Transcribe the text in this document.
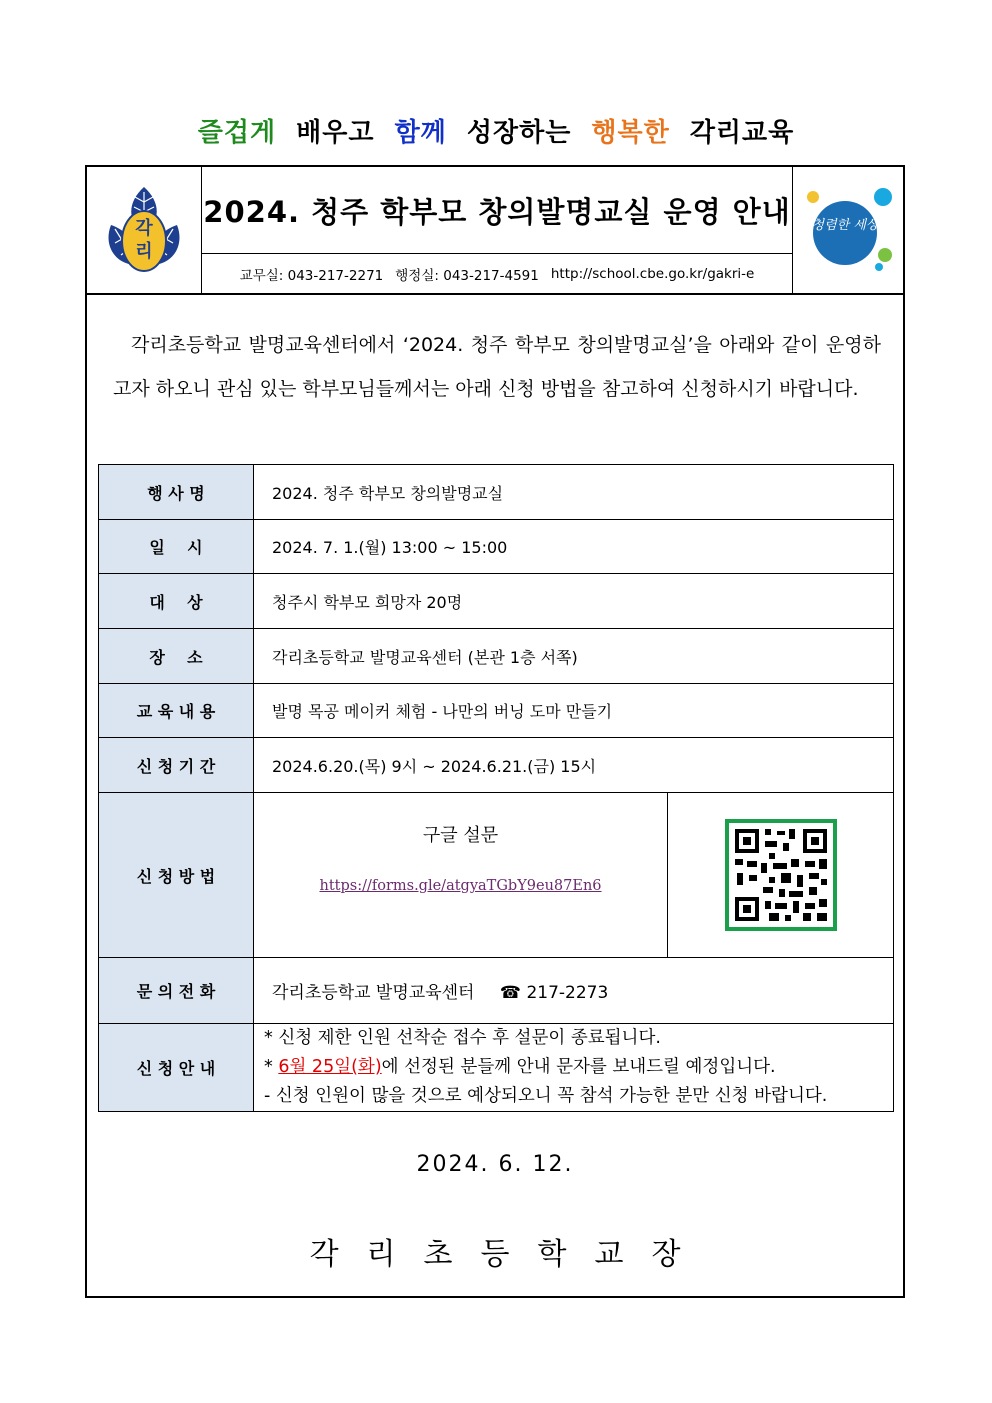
즐겁게 배우고 함께 성장하는 행복한 각리교육
각
리
2024. 청주 학부모 창의발명교실 운영 안내
교무실: 043-217-2271 행정실: 043-217-4591 http://school.cbe.go.kr/gakri-e
청렴한 세상

각리초등학교 발명교육센터에서 ‘2024. 청주 학부모 창의발명교실’을 아래와 같이 운영하고자 하오니 관심 있는 학부모님들께서는 아래 신청 방법을 참고하여 신청하시기 바랍니다.

행 사 명	2024. 청주 학부모 창의발명교실	
일    시	2024. 7. 1.(월) 13:00 ~ 15:00	
대    상	청주시 학부모 희망자 20명	
장    소	각리초등학교 발명교육센터 (본관 1층 서쪽)	
교 육 내 용	발명 목공 메이커 체험 - 나만의 버닝 도마 만들기	
신 청 기 간	2024.6.20.(목) 9시 ~ 2024.6.21.(금) 15시	
신 청 방 법	구글 설문
https://forms.gle/atgyaTGbY9eu87En6

문 의 전 화	각리초등학교 발명교육센터 ☎ 217-2273	
신 청 안 내	* 신청 제한 인원 선착순 접수 후 설문이 종료됩니다.
* 6월 25일(화)에 선정된 분들께 안내 문자를 보내드릴 예정입니다.
- 신청 인원이 많을 것으로 예상되오니 꼭 참석 가능한 분만 신청 바랍니다.	
2024. 6. 12.
각리초등학교장
